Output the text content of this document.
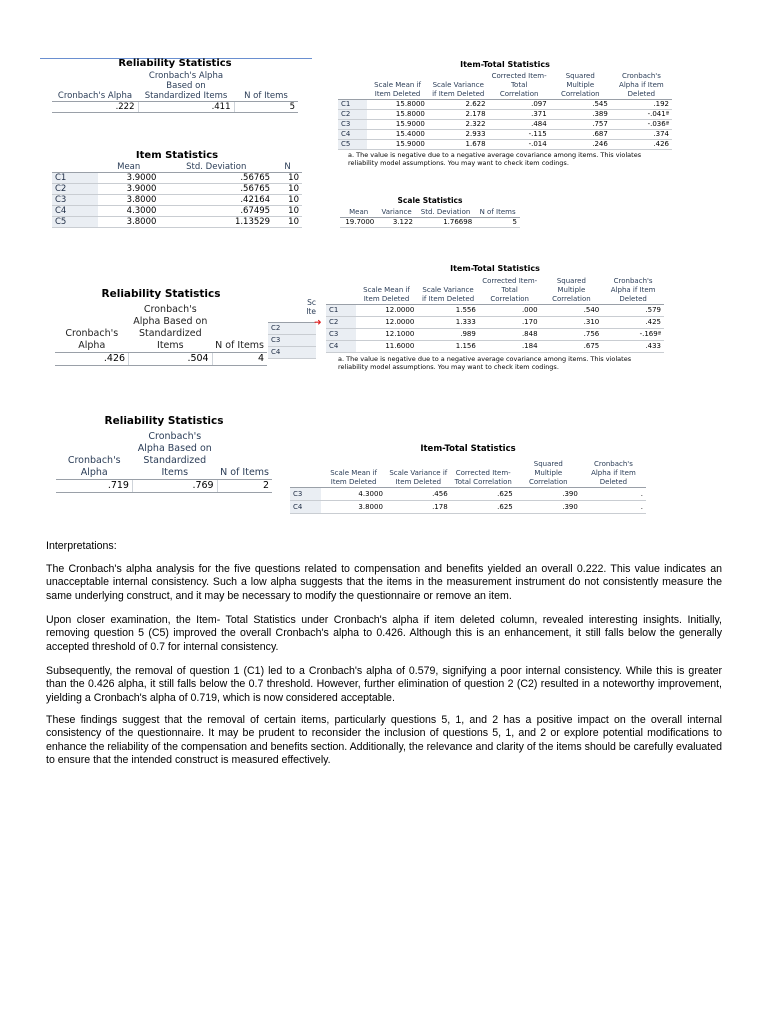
Reliability Statistics
Cronbach's Alpha	Cronbach's Alpha Based on Standardized Items	N of Items
.222	.411	5
Item Statistics
	Mean	Std. Deviation	N
C1	3.9000	.56765	10
C2	3.9000	.56765	10
C3	3.8000	.42164	10
C4	4.3000	.67495	10
C5	3.8000	1.13529	10
Item-Total Statistics
	Scale Mean if Item Deleted	Scale Variance if Item Deleted	Corrected Item-Total Correlation	Squared Multiple Correlation	Cronbach's Alpha if Item Deleted
C1	15.8000	2.622	.097	.545	.192
C2	15.8000	2.178	.371	.389	-.041ª
C3	15.9000	2.322	.484	.757	-.036ª
C4	15.4000	2.933	-.115	.687	.374
C5	15.9000	1.678	-.014	.246	.426
a. The value is negative due to a negative average covariance among items. This violates reliability model assumptions. You may want to check item codings.
Scale Statistics
Mean	Variance	Std. Deviation	N of Items
19.7000	3.122	1.76698	5
Reliability Statistics
Cronbach's Alpha	Cronbach's Alpha Based on Standardized Items	N of Items
.426	.504	4
Sc
Ite
C2
C3
C4
➜
Item-Total Statistics
	Scale Mean if Item Deleted	Scale Variance if Item Deleted	Corrected Item-Total Correlation	Squared Multiple Correlation	Cronbach's Alpha if Item Deleted
C1	12.0000	1.556	.000	.540	.579
C2	12.0000	1.333	.170	.310	.425
C3	12.1000	.989	.848	.756	-.169ª
C4	11.6000	1.156	.184	.675	.433
a. The value is negative due to a negative average covariance among items. This violates reliability model assumptions. You may want to check item codings.
Reliability Statistics
Cronbach's Alpha	Cronbach's Alpha Based on Standardized Items	N of Items
.719	.769	2
Item-Total Statistics
	Scale Mean if Item Deleted	Scale Variance if Item Deleted	Corrected Item-Total Correlation	Squared Multiple Correlation	Cronbach's Alpha if Item Deleted
C3	4.3000	.456	.625	.390	.
C4	3.8000	.178	.625	.390	.
Interpretations:
The Cronbach's alpha analysis for the five questions related to compensation and benefits yielded an overall 0.222. This value indicates an unacceptable internal consistency. Such a low alpha suggests that the items in the measurement instrument do not consistently measure the same underlying construct, and it may be necessary to modify the questionnaire or remove an item.
Upon closer examination, the Item- Total Statistics under Cronbach's alpha if item deleted column, revealed interesting insights. Initially, removing question 5 (C5) improved the overall Cronbach's alpha to 0.426. Although this is an enhancement, it still falls below the generally accepted threshold of 0.7 for internal consistency.
Subsequently, the removal of question 1 (C1) led to a Cronbach's alpha of 0.579, signifying a poor internal consistency. While this is greater than the 0.426 alpha, it still falls below the 0.7 threshold. However, further elimination of question 2 (C2) resulted in a noteworthy improvement, yielding a Cronbach's alpha of 0.719, which is now considered acceptable.
These findings suggest that the removal of certain items, particularly questions 5, 1, and 2 has a positive impact on the overall internal consistency of the questionnaire. It may be prudent to reconsider the inclusion of questions 5, 1, and 2 or explore potential modifications to enhance the reliability of the compensation and benefits section. Additionally, the relevance and clarity of the items should be carefully evaluated to ensure that the intended construct is measured effectively.
